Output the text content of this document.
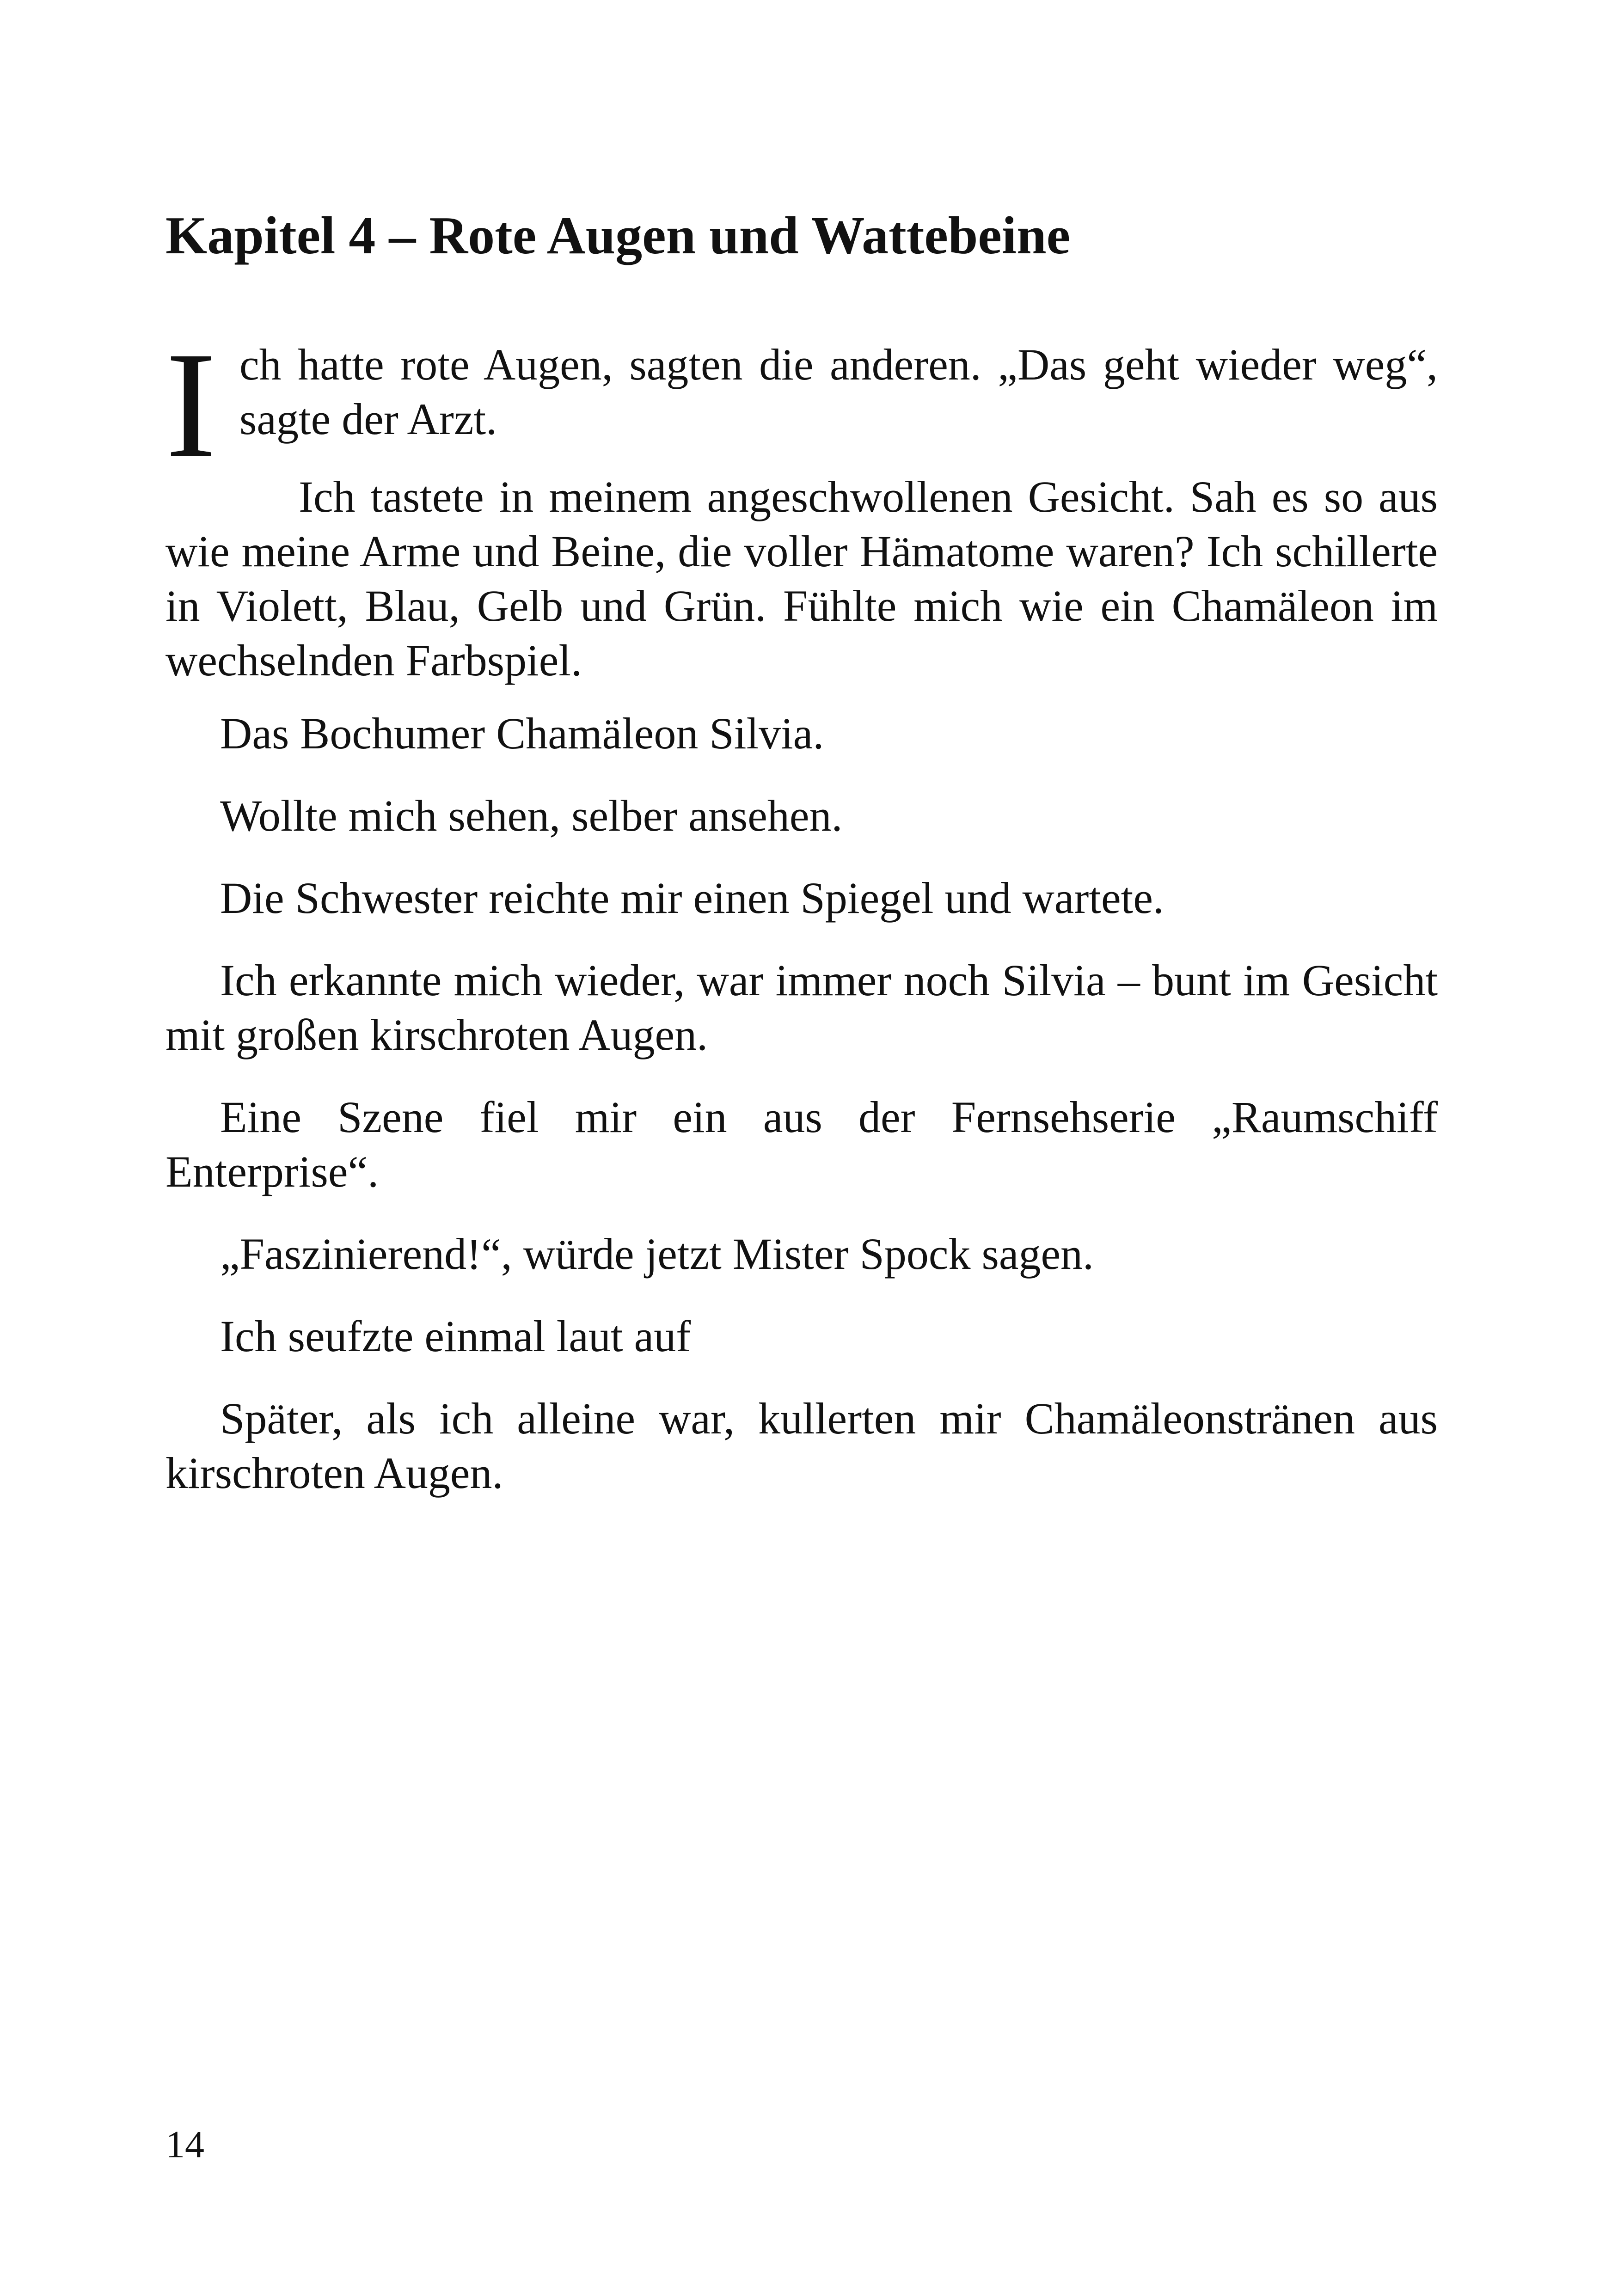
Kapitel 4 – Rote Augen und Wattebeine
I ch hatte rote Augen, sagten die anderen. „Das geht wieder weg“, sagte der Arzt.

Ich tastete in meinem angeschwollenen Gesicht. Sah es so aus wie meine Arme und Beine, die voller Hämatome waren? Ich schillerte in Violett, Blau, Gelb und Grün. Fühlte mich wie ein Chamäleon im wechselnden Farbspiel.

Das Bochumer Chamäleon Silvia.

Wollte mich sehen, selber ansehen.

Die Schwester reichte mir einen Spiegel und wartete.

Ich erkannte mich wieder, war immer noch Silvia – bunt im Gesicht mit großen kirschroten Augen.

Eine Szene fiel mir ein aus der Fernsehserie „Raumschiff Enterprise“.

„Faszinierend!“, würde jetzt Mister Spock sagen.

Ich seufzte einmal laut auf

Später, als ich alleine war, kullerten mir Chamäleonstränen aus kirschroten Augen.

14
